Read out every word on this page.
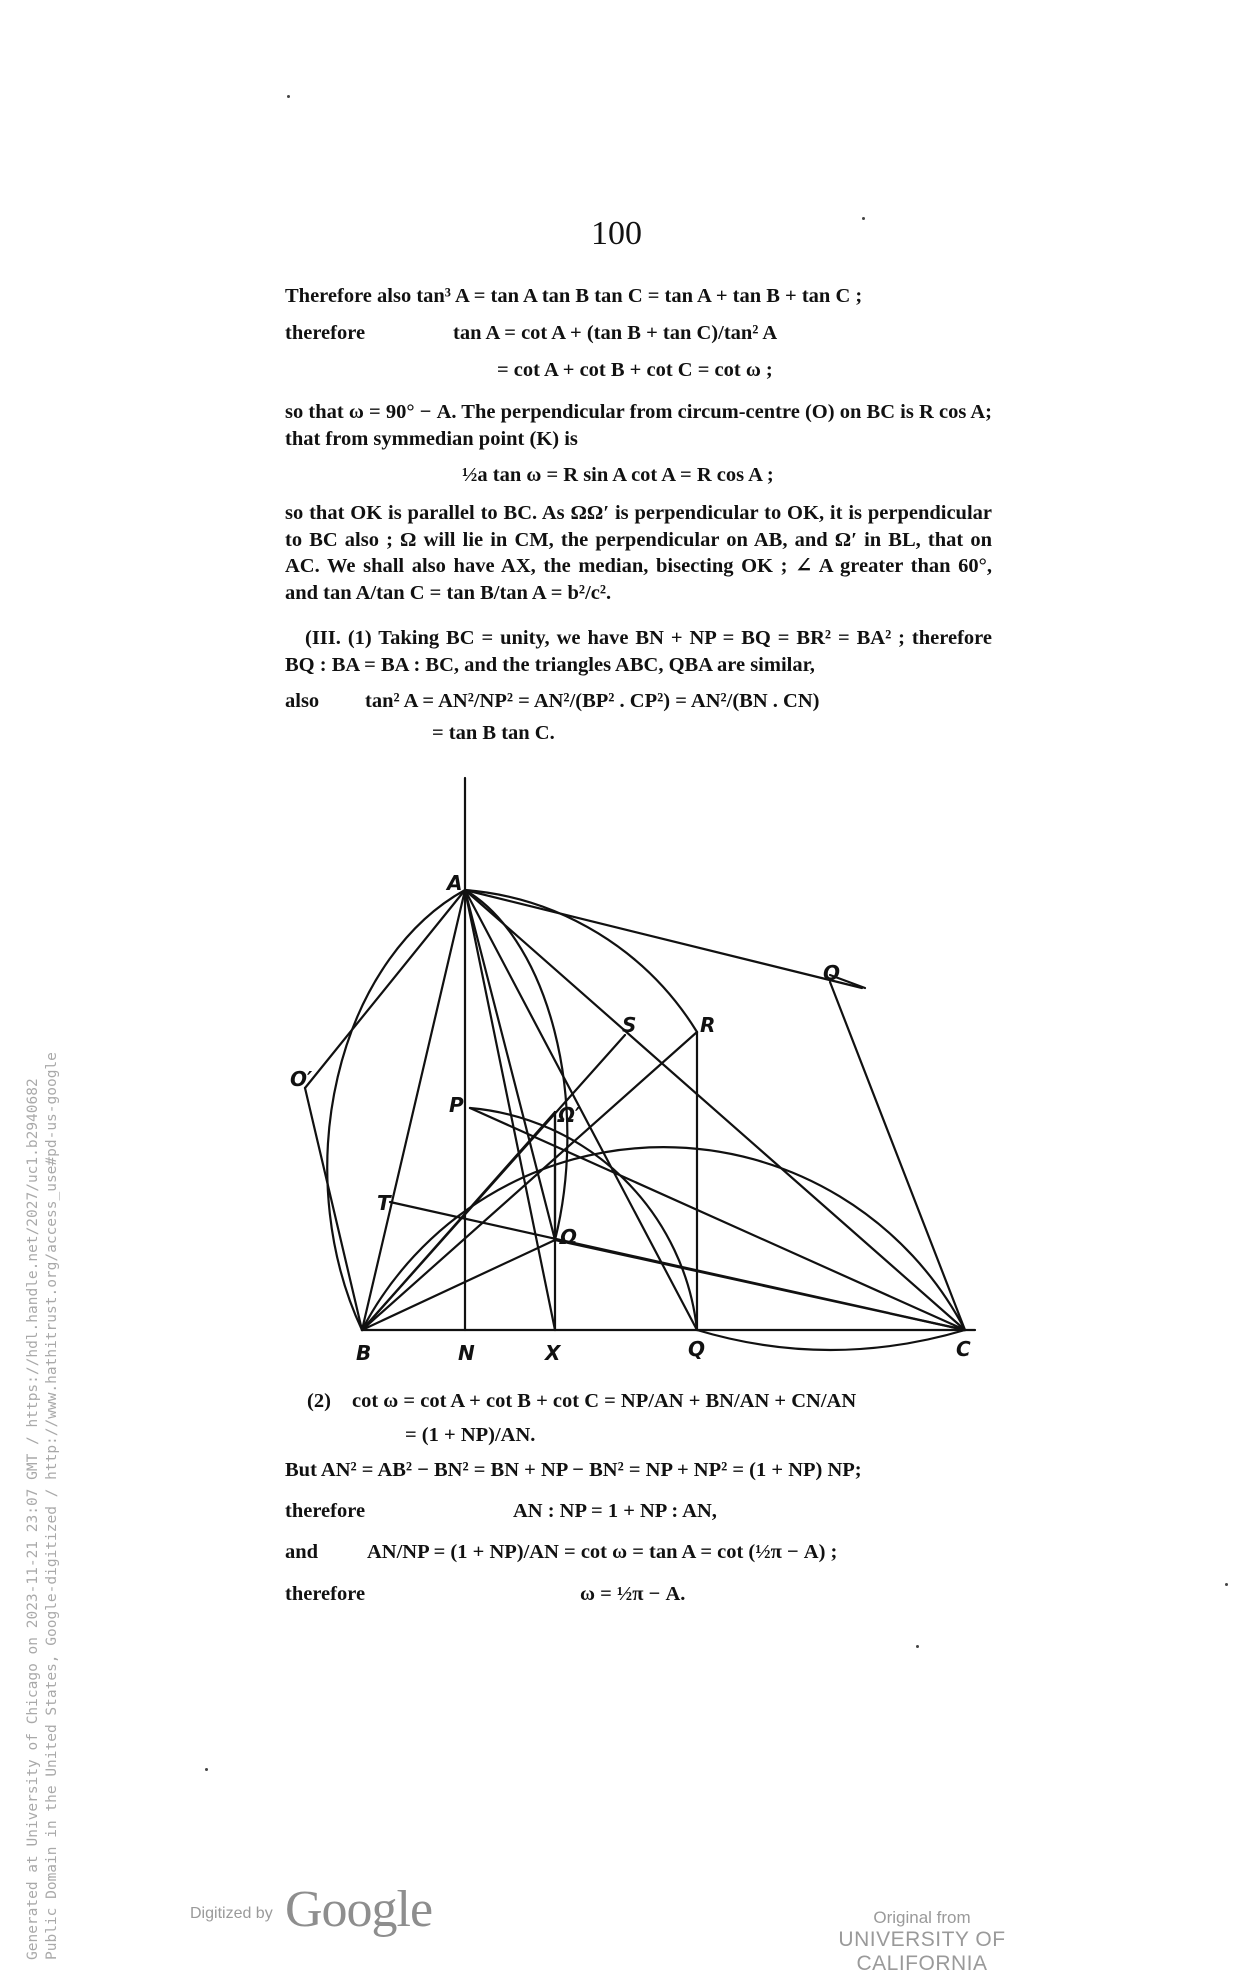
100
Therefore also tan³ A = tan A tan B tan C = tan A + tan B + tan C ;
therefore	tan A = cot A + (tan B + tan C)/tan² A
= cot A + cot B + cot C = cot ω ;

so that ω = 90° − A. The perpendicular from circum-centre (O) on BC is R cos A; that from symmedian point (K) is

½a tan ω = R sin A cot A = R cos A ;

so that OK is parallel to BC. As ΩΩ′ is perpendicular to OK, it is perpendicular to BC also ; Ω will lie in CM, the perpendicular on AB, and Ω′ in BL, that on AC. We shall also have AX, the median, bisecting OK ; ∠ A greater than 60°, and tan A/tan C = tan B/tan A = b²/c².

(III. (1) Taking BC = unity, we have BN + NP = BQ = BR² = BA² ; therefore BQ : BA = BA : BC, and the triangles ABC, QBA are similar,

also tan² A = AN²/NP² = AN²/(BP² . CP²) = AN²/(BN . CN)
= tan B tan C.
A
O
O′
S	R
P	Ω′
T
Ω
B	N	X	Q	C
(2) cot ω = cot A + cot B + cot C = NP/AN + BN/AN + CN/AN
= (1 + NP)/AN.
But AN² = AB² − BN² = BN + NP − BN² = NP + NP² = (1 + NP) NP;
therefore	AN : NP = 1 + NP : AN,
and AN/NP = (1 + NP)/AN = cot ω = tan A = cot (½π − A) ;
therefore	ω = ½π − A.
Generated at University of Chicago on 2023-11-21 23:07 GMT / https://hdl.handle.net/2027/uc1.b2940682 Public Domain in the United States, Google-digitized / http://www.hathitrust.org/access_use#pd-us-google	Digitized by Google	Original from
UNIVERSITY OF CALIFORNIA
